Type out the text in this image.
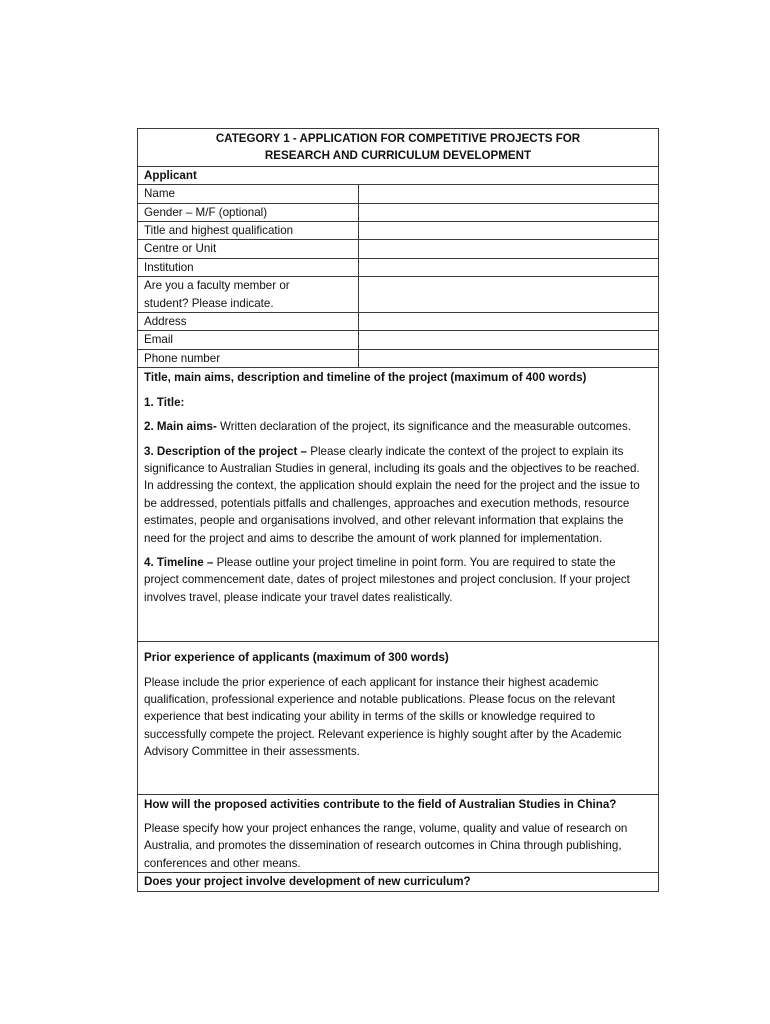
CATEGORY 1 - APPLICATION FOR COMPETITIVE PROJECTS FOR
RESEARCH AND CURRICULUM DEVELOPMENT	

Applicant	
Name	
Gender – M/F (optional)	
Title and highest qualification	
Centre or Unit	
Institution	

Are you a faculty member or
student? Please indicate.	

Address	
Email	
Phone number	

Title, main aims, description and timeline of the project (maximum of 400 words)

1. Title:

2. Main aims- Written declaration of the project, its significance and the measurable outcomes.

3. Description of the project – Please clearly indicate the context of the project to explain its significance to Australian Studies in general, including its goals and the objectives to be reached. In addressing the context, the application should explain the need for the project and the issue to be addressed, potentials pitfalls and challenges, approaches and execution methods, resource estimates, people and organisations involved, and other relevant information that explains the need for the project and aims to describe the amount of work planned for implementation.

4. Timeline – Please outline your project timeline in point form. You are required to state the project commencement date, dates of project milestones and project conclusion. If your project involves travel, please indicate your travel dates realistically.	

Prior experience of applicants (maximum of 300 words)

Please include the prior experience of each applicant for instance their highest academic qualification, professional experience and notable publications. Please focus on the relevant experience that best indicating your ability in terms of the skills or knowledge required to successfully compete the project. Relevant experience is highly sought after by the Academic Advisory Committee in their assessments.	

How will the proposed activities contribute to the field of Australian Studies in China?

Please specify how your project enhances the range, volume, quality and value of research on Australia, and promotes the dissemination of research outcomes in China through publishing, conferences and other means.	

Does your project involve development of new curriculum?	
